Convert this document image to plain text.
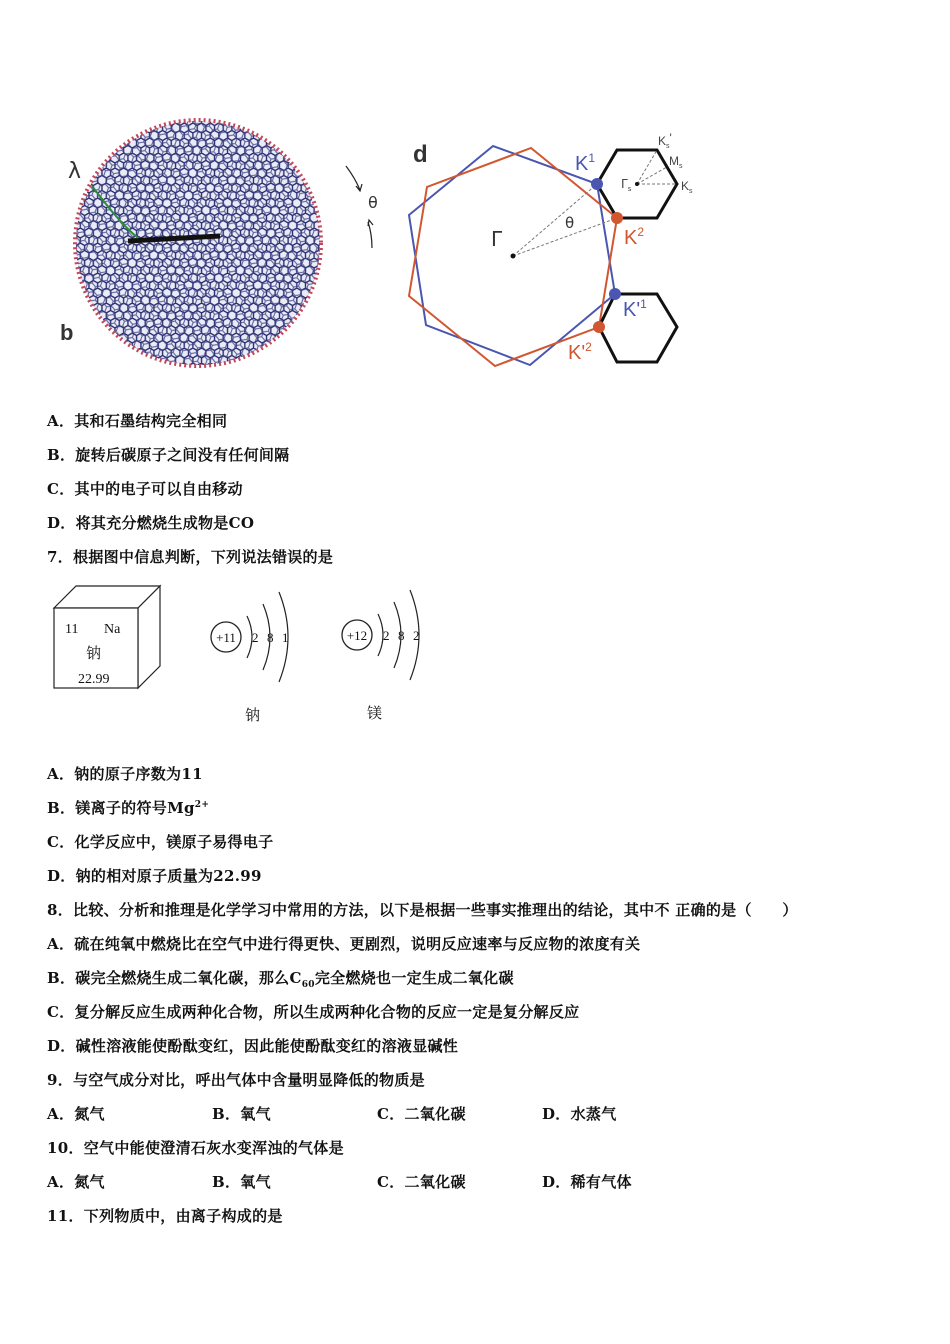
b
λ
θ
d
Γ
θ
$K^1$
$K^2$
$K'^1$
$K'^2$
$K_s'$
$M_s$
$\Gamma_s$	$K_s$
A．其和石墨结构完全相同
B．旋转后碳原子之间没有任何间隔
C．其中的电子可以自由移动
D．将其充分燃烧生成物是CO
7．根据图中信息判断，下列说法错误的是
11 Na
钠
22.99
+11 2 8 1
钠
+12 2 8 2
镁
A．钠的原子序数为11
B．镁离子的符号$Mg^{2+}$
C．化学反应中，镁原子易得电子
D．钠的相对原子质量为22.99
8．比较、分析和推理是化学学习中常用的方法，以下是根据一些事实推理出的结论，其中不 正确的是（　　）
A．硫在纯氧中燃烧比在空气中进行得更快、更剧烈，说明反应速率与反应物的浓度有关
B．碳完全燃烧生成二氧化碳，那么$C_{60}$完全燃烧也一定生成二氧化碳
C．复分解反应生成两种化合物，所以生成两种化合物的反应一定是复分解反应
D．碱性溶液能使酚酞变红，因此能使酚酞变红的溶液显碱性
9．与空气成分对比，呼出气体中含量明显降低的物质是
A．氮气	B．氧气	C．二氧化碳	D．水蒸气
10．空气中能使澄清石灰水变浑浊的气体是
A．氮气	B．氧气	C．二氧化碳	D．稀有气体
11．下列物质中，由离子构成的是
